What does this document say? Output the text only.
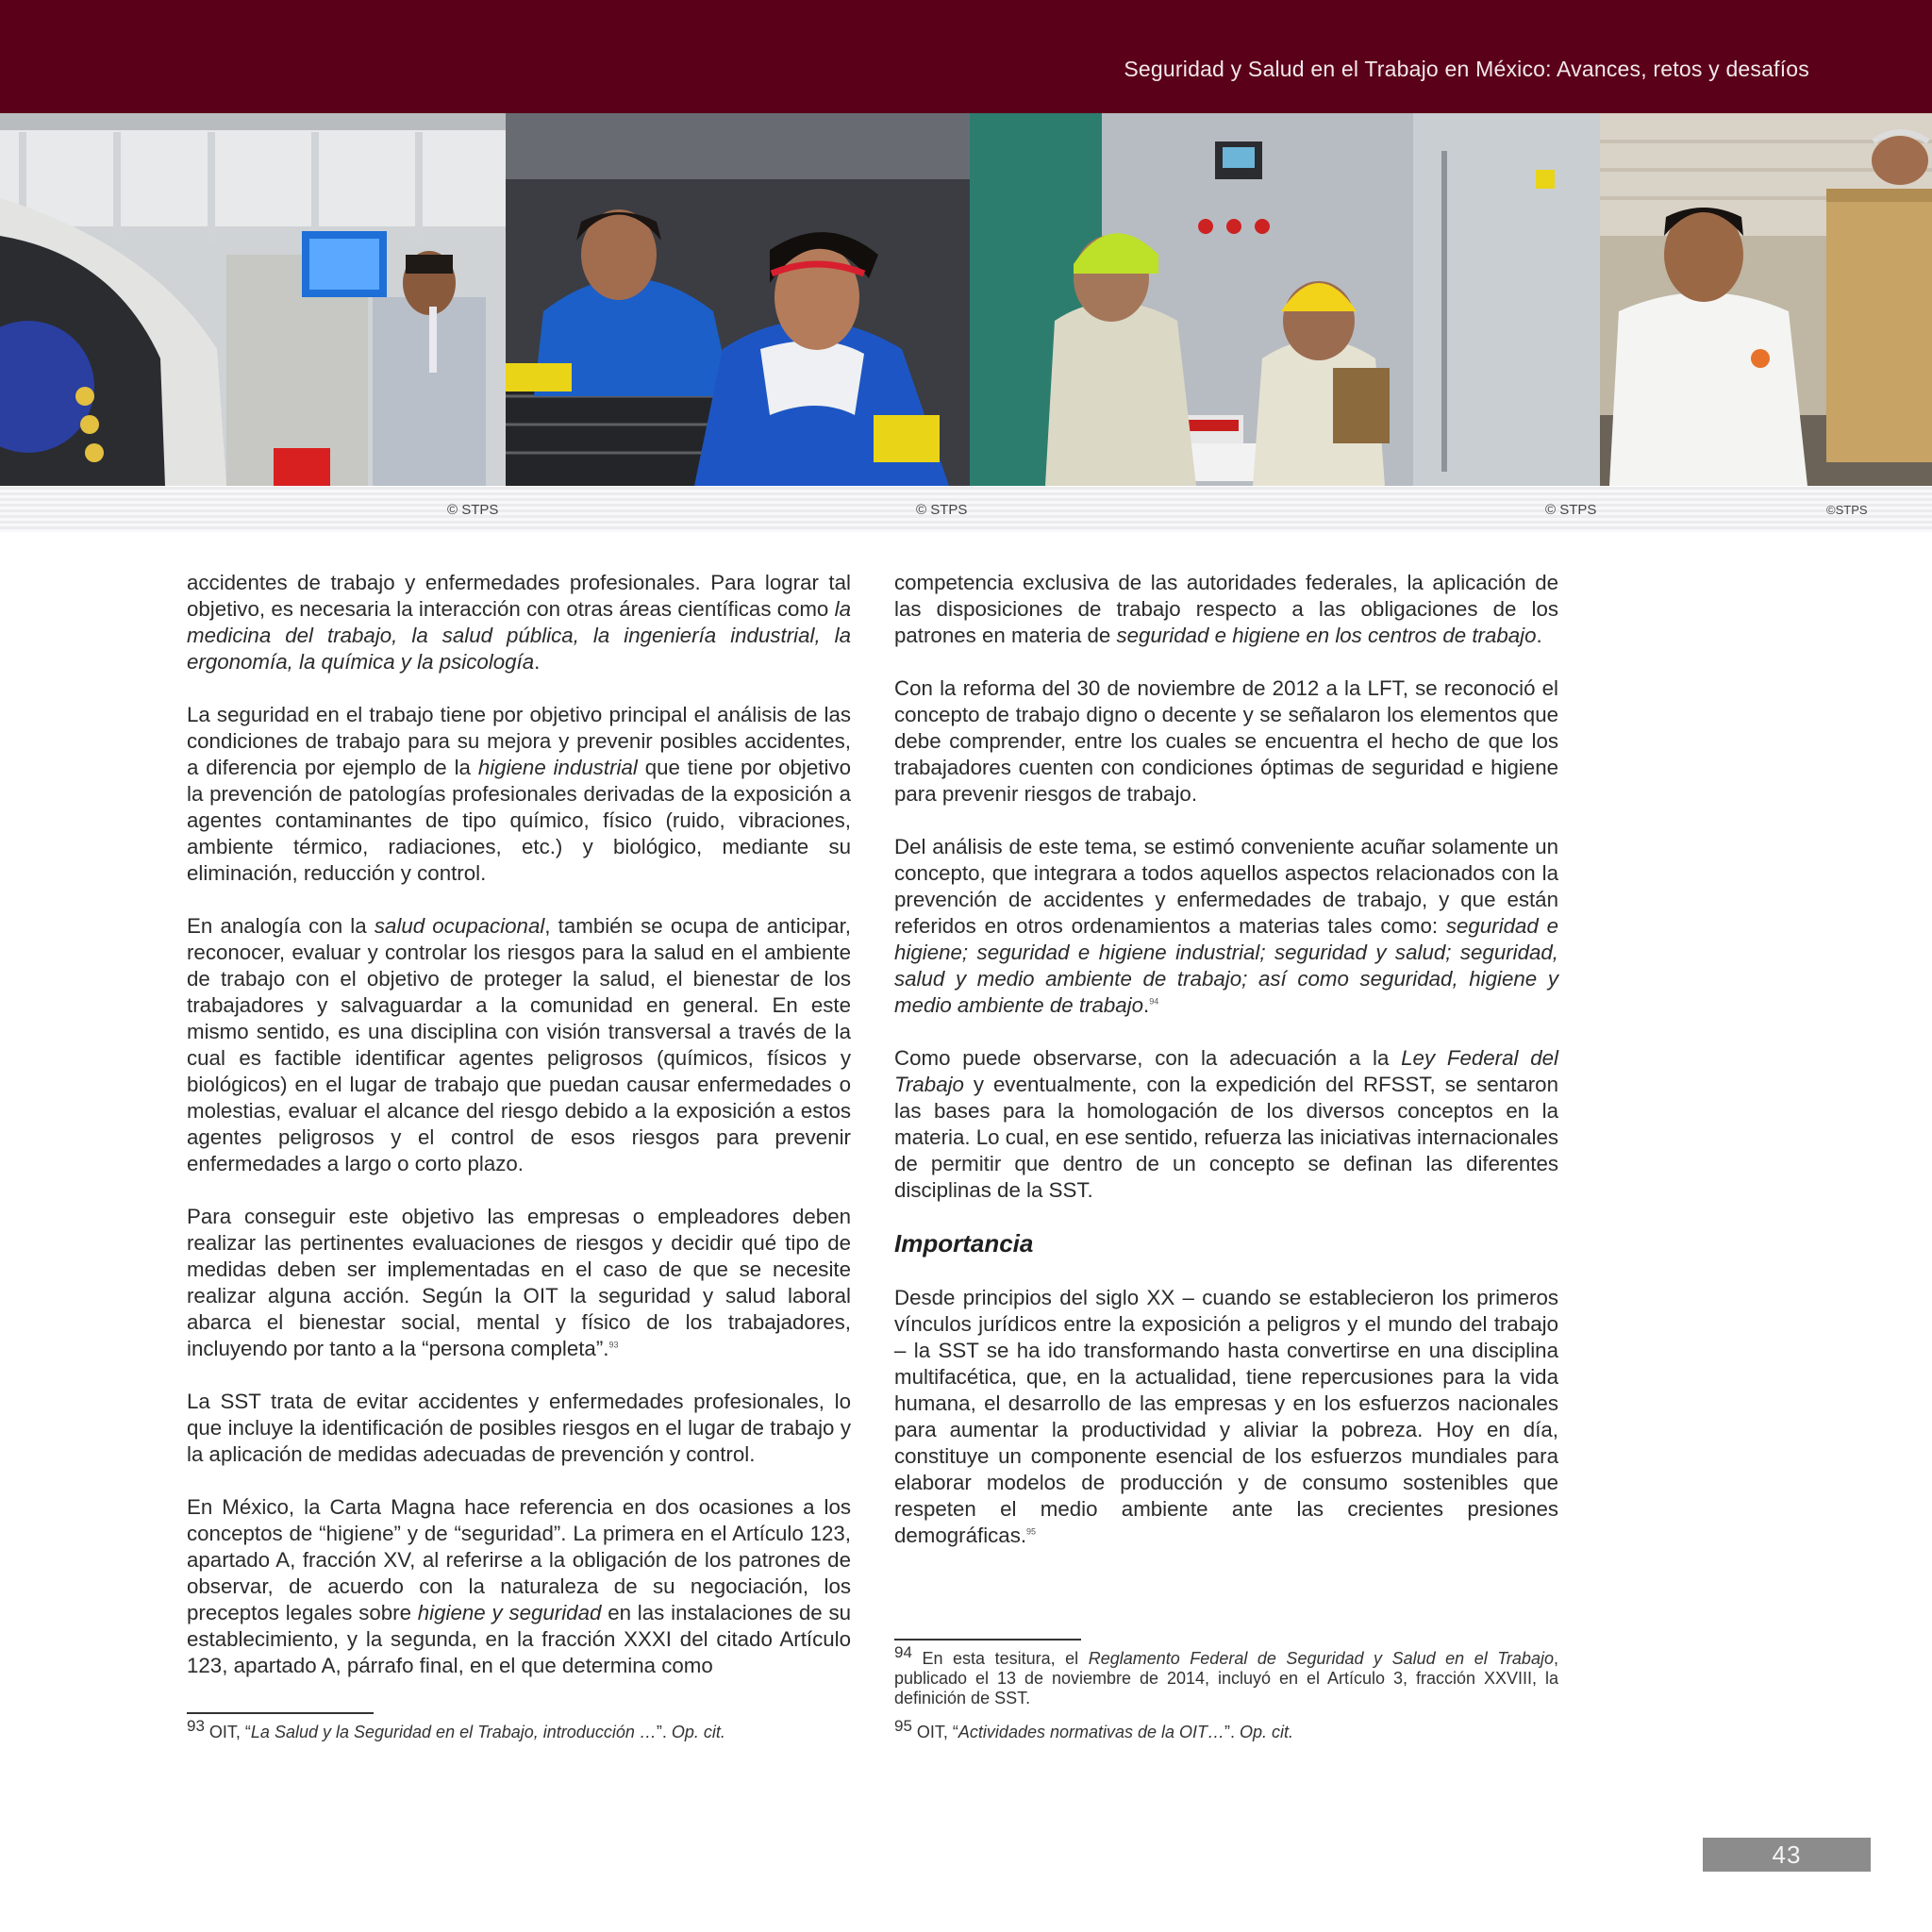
Seguridad y Salud en el Trabajo en México: Avances, retos y desafíos
© STPS	© STPS	© STPS	©STPS

accidentes de trabajo y enfermedades profesionales. Para lograr tal objetivo, es necesaria la interacción con otras áreas científicas como la medicina del trabajo, la salud pública, la ingeniería industrial, la ergonomía, la química y la psicología.

La seguridad en el trabajo tiene por objetivo principal el análisis de las condiciones de trabajo para su mejora y prevenir posibles accidentes, a diferencia por ejemplo de la higiene industrial que tiene por objetivo la prevención de patologías profesionales derivadas de la exposición a agentes contaminantes de tipo químico, físico (ruido, vibraciones, ambiente térmico, radiaciones, etc.) y biológico, mediante su eliminación, reducción y control.

En analogía con la salud ocupacional, también se ocupa de anticipar, reconocer, evaluar y controlar los riesgos para la salud en el ambiente de trabajo con el objetivo de proteger la salud, el bienestar de los trabajadores y salvaguardar a la comunidad en general. En este mismo sentido, es una disciplina con visión transversal a través de la cual es factible identificar agentes peligrosos (químicos, físicos y biológicos) en el lugar de trabajo que puedan causar enfermedades o molestias, evaluar el alcance del riesgo debido a la exposición a estos agentes peligrosos y el control de esos riesgos para prevenir enfermedades a largo o corto plazo.

Para conseguir este objetivo las empresas o empleadores deben realizar las pertinentes evaluaciones de riesgos y decidir qué tipo de medidas deben ser implementadas en el caso de que se necesite realizar alguna acción. Según la OIT la seguridad y salud laboral abarca el bienestar social, mental y físico de los trabajadores, incluyendo por tanto a la “persona completa”.$^{93}$

La SST trata de evitar accidentes y enfermedades profesionales, lo que incluye la identificación de posibles riesgos en el lugar de trabajo y la aplicación de medidas adecuadas de prevención y control.

En México, la Carta Magna hace referencia en dos ocasiones a los conceptos de “higiene” y de “seguridad”. La primera en el Artículo 123, apartado A, fracción XV, al referirse a la obligación de los patrones de observar, de acuerdo con la naturaleza de su negociación, los preceptos legales sobre higiene y seguridad en las instalaciones de su establecimiento, y la segunda, en la fracción XXXI del citado Artículo 123, apartado A, párrafo final, en el que determina como

competencia exclusiva de las autoridades federales, la aplicación de las disposiciones de trabajo respecto a las obligaciones de los patrones en materia de seguridad e higiene en los centros de trabajo.

Con la reforma del 30 de noviembre de 2012 a la LFT, se reconoció el concepto de trabajo digno o decente y se señalaron los elementos que debe comprender, entre los cuales se encuentra el hecho de que los trabajadores cuenten con condiciones óptimas de seguridad e higiene para prevenir riesgos de trabajo.

Del análisis de este tema, se estimó conveniente acuñar solamente un concepto, que integrara a todos aquellos aspectos relacionados con la prevención de accidentes y enfermedades de trabajo, y que están referidos en otros ordenamientos a materias tales como: seguridad e higiene; seguridad e higiene industrial; seguridad y salud; seguridad, salud y medio ambiente de trabajo; así como seguridad, higiene y medio ambiente de trabajo.$^{94}$

Como puede observarse, con la adecuación a la Ley Federal del Trabajo y eventualmente, con la expedición del RFSST, se sentaron las bases para la homologación de los diversos conceptos en la materia. Lo cual, en ese sentido, refuerza las iniciativas internacionales de permitir que dentro de un concepto se definan las diferentes disciplinas de la SST.

Importancia

Desde principios del siglo XX – cuando se establecieron los primeros vínculos jurídicos entre la exposición a peligros y el mundo del trabajo – la SST se ha ido transformando hasta convertirse en una disciplina multifacética, que, en la actualidad, tiene repercusiones para la vida humana, el desarrollo de las empresas y en los esfuerzos nacionales para aumentar la productividad y aliviar la pobreza. Hoy en día, constituye un componente esencial de los esfuerzos mundiales para elaborar modelos de producción y de consumo sostenibles que respeten el medio ambiente ante las crecientes presiones demográficas.$^{95}$

93 OIT, “La Salud y la Seguridad en el Trabajo, introducción …”. Op. cit.
94 En esta tesitura, el Reglamento Federal de Seguridad y Salud en el Trabajo, publicado el 13 de noviembre de 2014, incluyó en el Artículo 3, fracción XXVIII, la definición de SST.
95 OIT, “Actividades normativas de la OIT…”. Op. cit.
43
